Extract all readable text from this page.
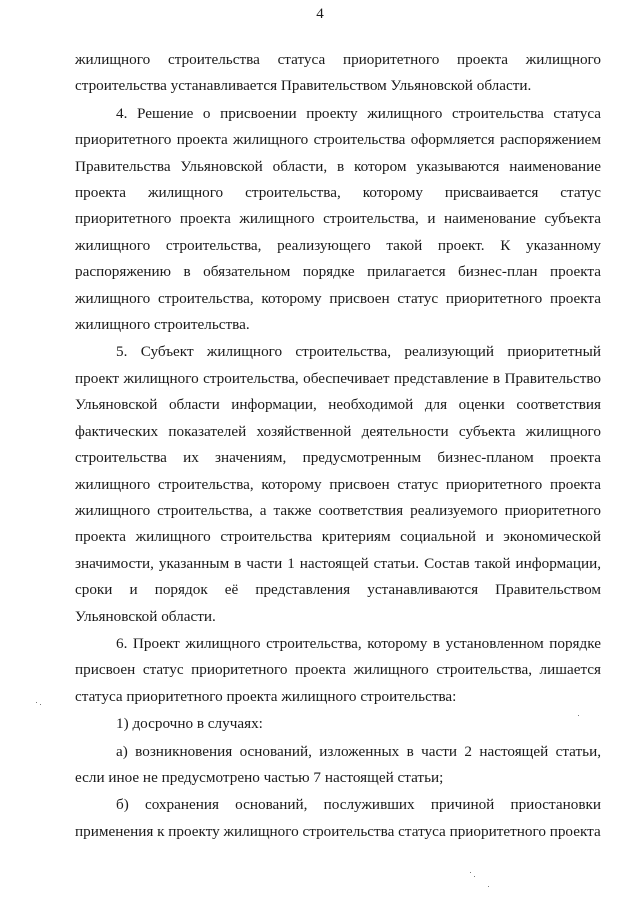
4

жилищного строительства статуса приоритетного проекта жилищного строительства устанавливается Правительством Ульяновской области.

4. Решение о присвоении проекту жилищного строительства статуса приоритетного проекта жилищного строительства оформляется распоряжением Правительства Ульяновской области, в котором указываются наименование проекта жилищного строительства, которому присваивается статус приоритетного проекта жилищного строительства, и наименование субъекта жилищного строительства, реализующего такой проект. К указанному распоряжению в обязательном порядке прилагается бизнес-план проекта жилищного строительства, которому присвоен статус приоритетного проекта жилищного строительства.

5. Субъект жилищного строительства, реализующий приоритетный проект жилищного строительства, обеспечивает представление в Правительство Ульяновской области информации, необходимой для оценки соответствия фактических показателей хозяйственной деятельности субъекта жилищного строительства их значениям, предусмотренным бизнес-планом проекта жилищного строительства, которому присвоен статус приоритетного проекта жилищного строительства, а также соответствия реализуемого приоритетного проекта жилищного строительства критериям социальной и экономической значимости, указанным в части 1 настоящей статьи. Состав такой информации, сроки и порядок её представления устанавливаются Правительством Ульяновской области.

6. Проект жилищного строительства, которому в установленном порядке присвоен статус приоритетного проекта жилищного строительства, лишается статуса приоритетного проекта жилищного строительства:

1) досрочно в случаях:

а) возникновения оснований, изложенных в части 2 настоящей статьи, если иное не предусмотрено частью 7 настоящей статьи;

б) сохранения оснований, послуживших причиной приостановки применения к проекту жилищного строительства статуса приоритетного проекта
